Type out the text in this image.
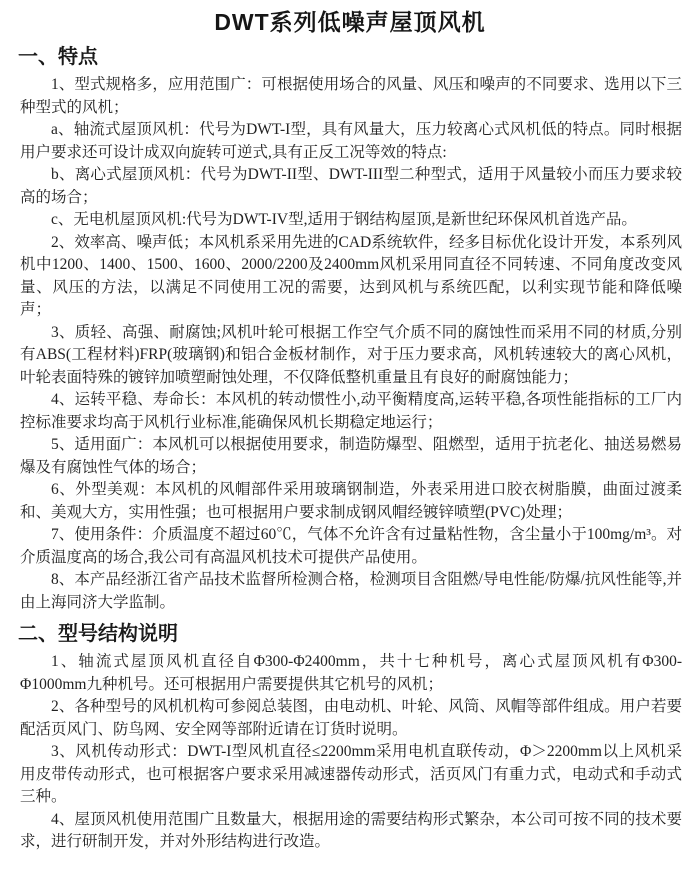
DWT系列低噪声屋顶风机
一、特点

1、型式规格多，应用范围广：可根据使用场合的风量、风压和噪声的不同要求、选用以下三种型式的风机；

a、轴流式屋顶风机：代号为DWT-I型，具有风量大，压力较离心式风机低的特点。同时根据用户要求还可设计成双向旋转可逆式,具有正反工况等效的特点:

b、离心式屋顶风机：代号为DWT-II型、DWT-III型二种型式，适用于风量较小而压力要求较高的场合；

c、无电机屋顶风机:代号为DWT-IV型,适用于钢结构屋顶,是新世纪环保风机首选产品。

2、效率高、噪声低；本风机系采用先进的CAD系统软件，经多目标优化设计开发，本系列风机中1200、1400、1500、1600、2000/2200及2400mm风机采用同直径不同转速、不同角度改变风量、风压的方法，以满足不同使用工况的需要，达到风机与系统匹配，以利实现节能和降低噪声；

3、质轻、高强、耐腐蚀;风机叶轮可根据工作空气介质不同的腐蚀性而采用不同的材质,分别有ABS(工程材料)FRP(玻璃钢)和铝合金板材制作，对于压力要求高，风机转速较大的离心风机，叶轮表面特殊的镀锌加喷塑耐蚀处理，不仅降低整机重量且有良好的耐腐蚀能力；

4、运转平稳、寿命长：本风机的转动惯性小,动平衡精度高,运转平稳,各项性能指标的工厂内控标准要求均高于风机行业标准,能确保风机长期稳定地运行；

5、适用面广：本风机可以根据使用要求，制造防爆型、阻燃型，适用于抗老化、抽送易燃易爆及有腐蚀性气体的场合；

6、外型美观：本风机的风帽部件采用玻璃钢制造，外表采用进口胶衣树脂膜，曲面过渡柔和、美观大方，实用性强；也可根据用户要求制成钢风帽经镀锌喷塑(PVC)处理；

7、使用条件：介质温度不超过60℃，气体不允许含有过量粘性物，含尘量小于100mg/m³。对介质温度高的场合,我公司有高温风机技术可提供产品使用。

8、本产品经浙江省产品技术监督所检测合格，检测项目含阻燃/导电性能/防爆/抗风性能等,并由上海同济大学监制。

二、型号结构说明

1、轴流式屋顶风机直径自Φ300-Φ2400mm，共十七种机号，离心式屋顶风机有Φ300-Φ1000mm九种机号。还可根据用户需要提供其它机号的风机；

2、各种型号的风机机构可参阅总装图，由电动机、叶轮、风筒、风帽等部件组成。用户若要配活页风门、防鸟网、安全网等部附近请在订货时说明。

3、风机传动形式：DWT-I型风机直径≤2200mm采用电机直联传动，Φ＞2200mm以上风机采用皮带传动形式，也可根据客户要求采用减速器传动形式，活页风门有重力式，电动式和手动式三种。

4、屋顶风机使用范围广且数量大，根据用途的需要结构形式繁杂，本公司可按不同的技术要求，进行研制开发，并对外形结构进行改造。
